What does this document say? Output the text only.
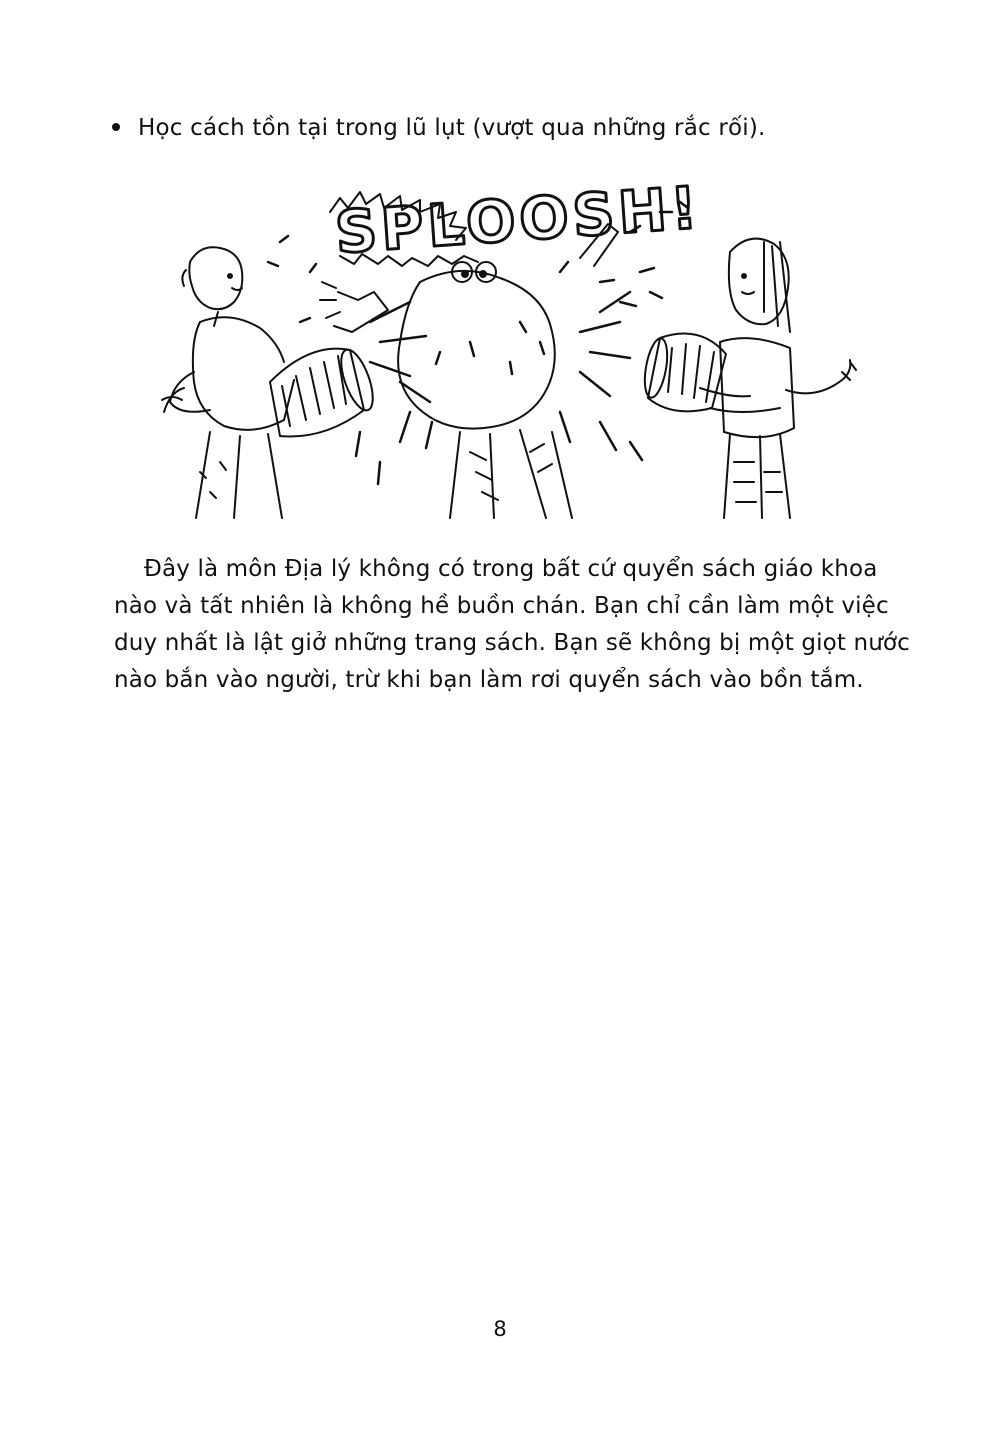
Học cách tồn tại trong lũ lụt (vượt qua những rắc rối).
SPLOOSH!
Đây là môn Địa lý không có trong bất cứ quyển sách giáo khoa
nào và tất nhiên là không hề buồn chán. Bạn chỉ cần làm một việc
duy nhất là lật giở những trang sách. Bạn sẽ không bị một giọt nước
nào bắn vào người, trừ khi bạn làm rơi quyển sách vào bồn tắm.
8
